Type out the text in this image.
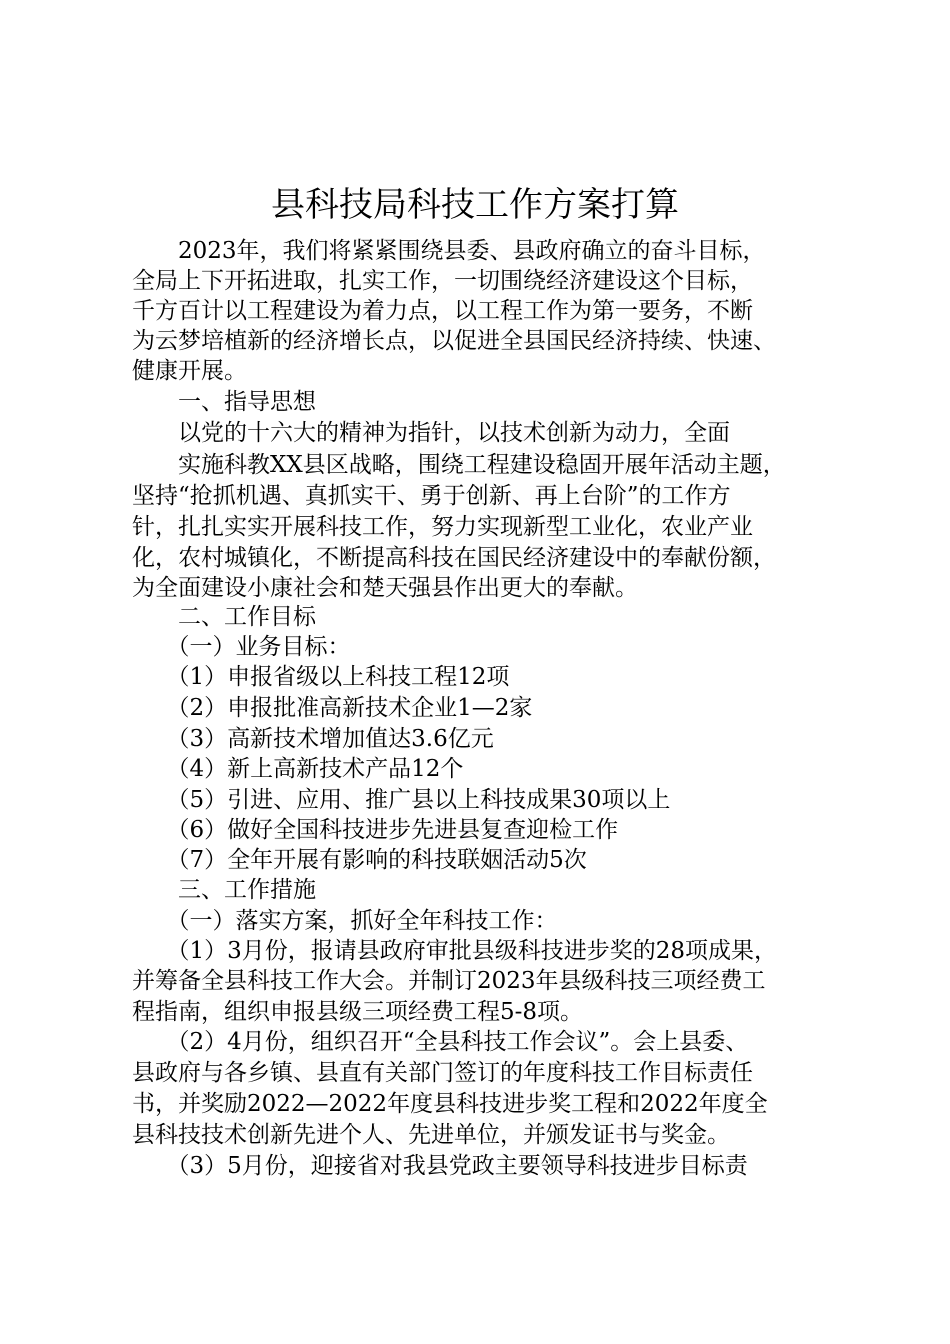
县科技局科技工作方案打算

　　2023年，我们将紧紧围绕县委、县政府确立的奋斗目标，

全局上下开拓进取，扎实工作，一切围绕经济建设这个目标，

千方百计以工程建设为着力点，以工程工作为第一要务，不断

为云梦培植新的经济增长点，以促进全县国民经济持续、快速、

健康开展。

　　一、指导思想

　　以党的十六大的精神为指针，以技术创新为动力，全面

　　实施科教XX县区战略，围绕工程建设稳固开展年活动主题，

坚持“抢抓机遇、真抓实干、勇于创新、再上台阶”的工作方

针，扎扎实实开展科技工作，努力实现新型工业化，农业产业

化，农村城镇化，不断提高科技在国民经济建设中的奉献份额，

为全面建设小康社会和楚天强县作出更大的奉献。

　　二、工作目标

　　（一）业务目标：

　　（1）申报省级以上科技工程12项

　　（2）申报批准高新技术企业1—2家

　　（3）高新技术增加值达3.6亿元

　　（4）新上高新技术产品12个

　　（5）引进、应用、推广县以上科技成果30项以上

　　（6）做好全国科技进步先进县复查迎检工作

　　（7）全年开展有影响的科技联姻活动5次

　　三、工作措施

　　（一）落实方案，抓好全年科技工作：

　　（1）3月份，报请县政府审批县级科技进步奖的28项成果，

并筹备全县科技工作大会。并制订2023年县级科技三项经费工

程指南，组织申报县级三项经费工程5-8项。

　　（2）4月份，组织召开“全县科技工作会议”。会上县委、

县政府与各乡镇、县直有关部门签订的年度科技工作目标责任

书，并奖励2022—2022年度县科技进步奖工程和2022年度全

县科技技术创新先进个人、先进单位，并颁发证书与奖金。

　　（3）5月份，迎接省对我县党政主要领导科技进步目标责
